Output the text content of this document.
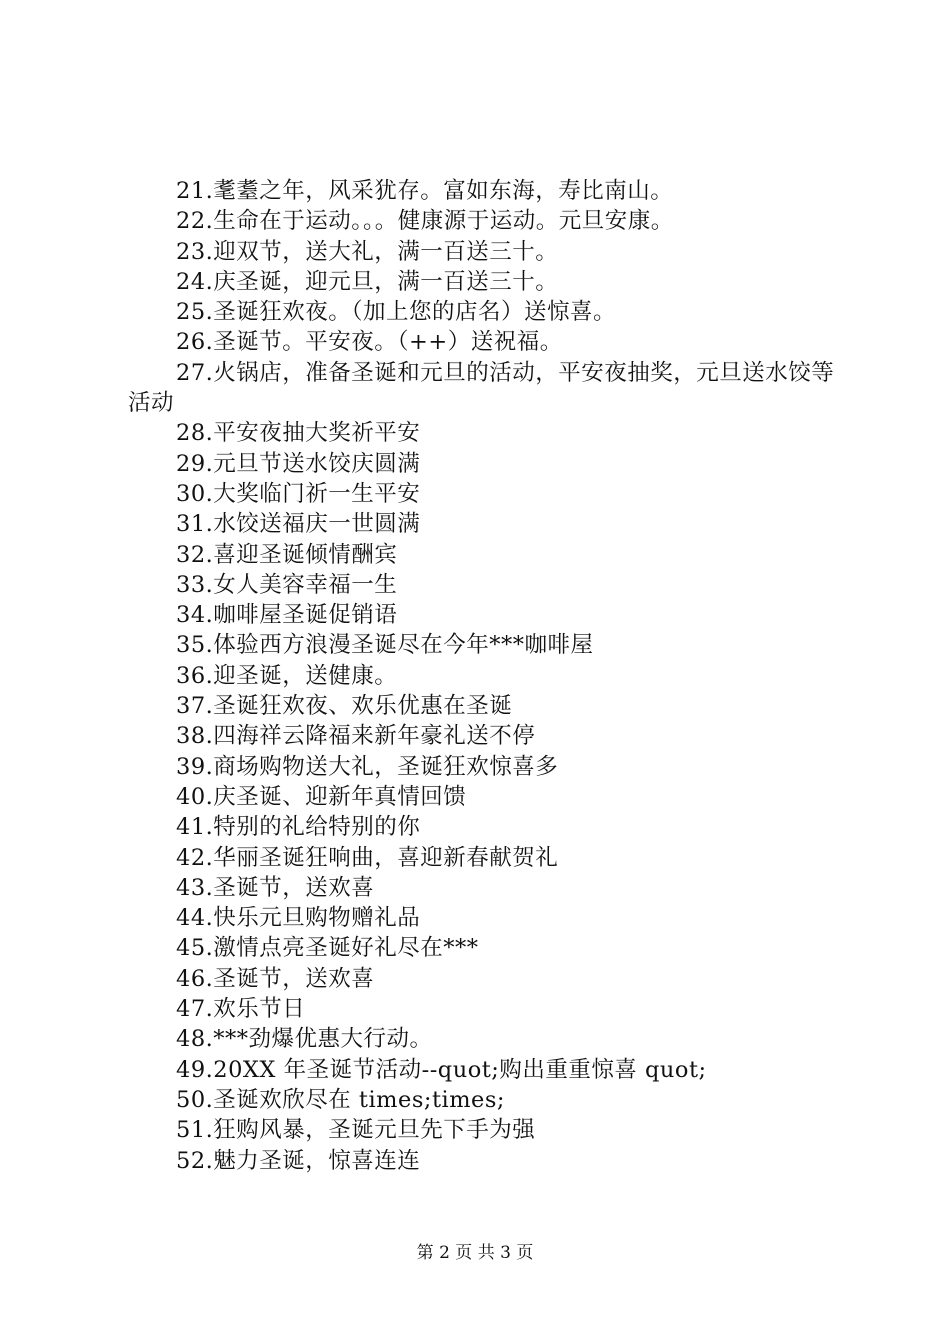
21.耄耋之年，风采犹存。富如东海，寿比南山。
22.生命在于运动。。。健康源于运动。元旦安康。
23.迎双节，送大礼，满一百送三十。
24.庆圣诞，迎元旦，满一百送三十。
25.圣诞狂欢夜。（加上您的店名）送惊喜。
26.圣诞节。平安夜。（++）送祝福。
27.火锅店，准备圣诞和元旦的活动，平安夜抽奖，元旦送水饺等活动
28.平安夜抽大奖祈平安
29.元旦节送水饺庆圆满
30.大奖临门祈一生平安
31.水饺送福庆一世圆满
32.喜迎圣诞倾情酬宾
33.女人美容幸福一生
34.咖啡屋圣诞促销语
35.体验西方浪漫圣诞尽在今年***咖啡屋
36.迎圣诞，送健康。
37.圣诞狂欢夜、欢乐优惠在圣诞
38.四海祥云降福来新年豪礼送不停
39.商场购物送大礼，圣诞狂欢惊喜多
40.庆圣诞、迎新年真情回馈
41.特别的礼给特别的你
42.华丽圣诞狂响曲，喜迎新春献贺礼
43.圣诞节，送欢喜
44.快乐元旦购物赠礼品
45.激情点亮圣诞好礼尽在***
46.圣诞节，送欢喜
47.欢乐节日
48.***劲爆优惠大行动。
49.20XX 年圣诞节活动--quot;购出重重惊喜 quot;
50.圣诞欢欣尽在 times;times;
51.狂购风暴，圣诞元旦先下手为强
52.魅力圣诞，惊喜连连
第 2 页 共 3 页
